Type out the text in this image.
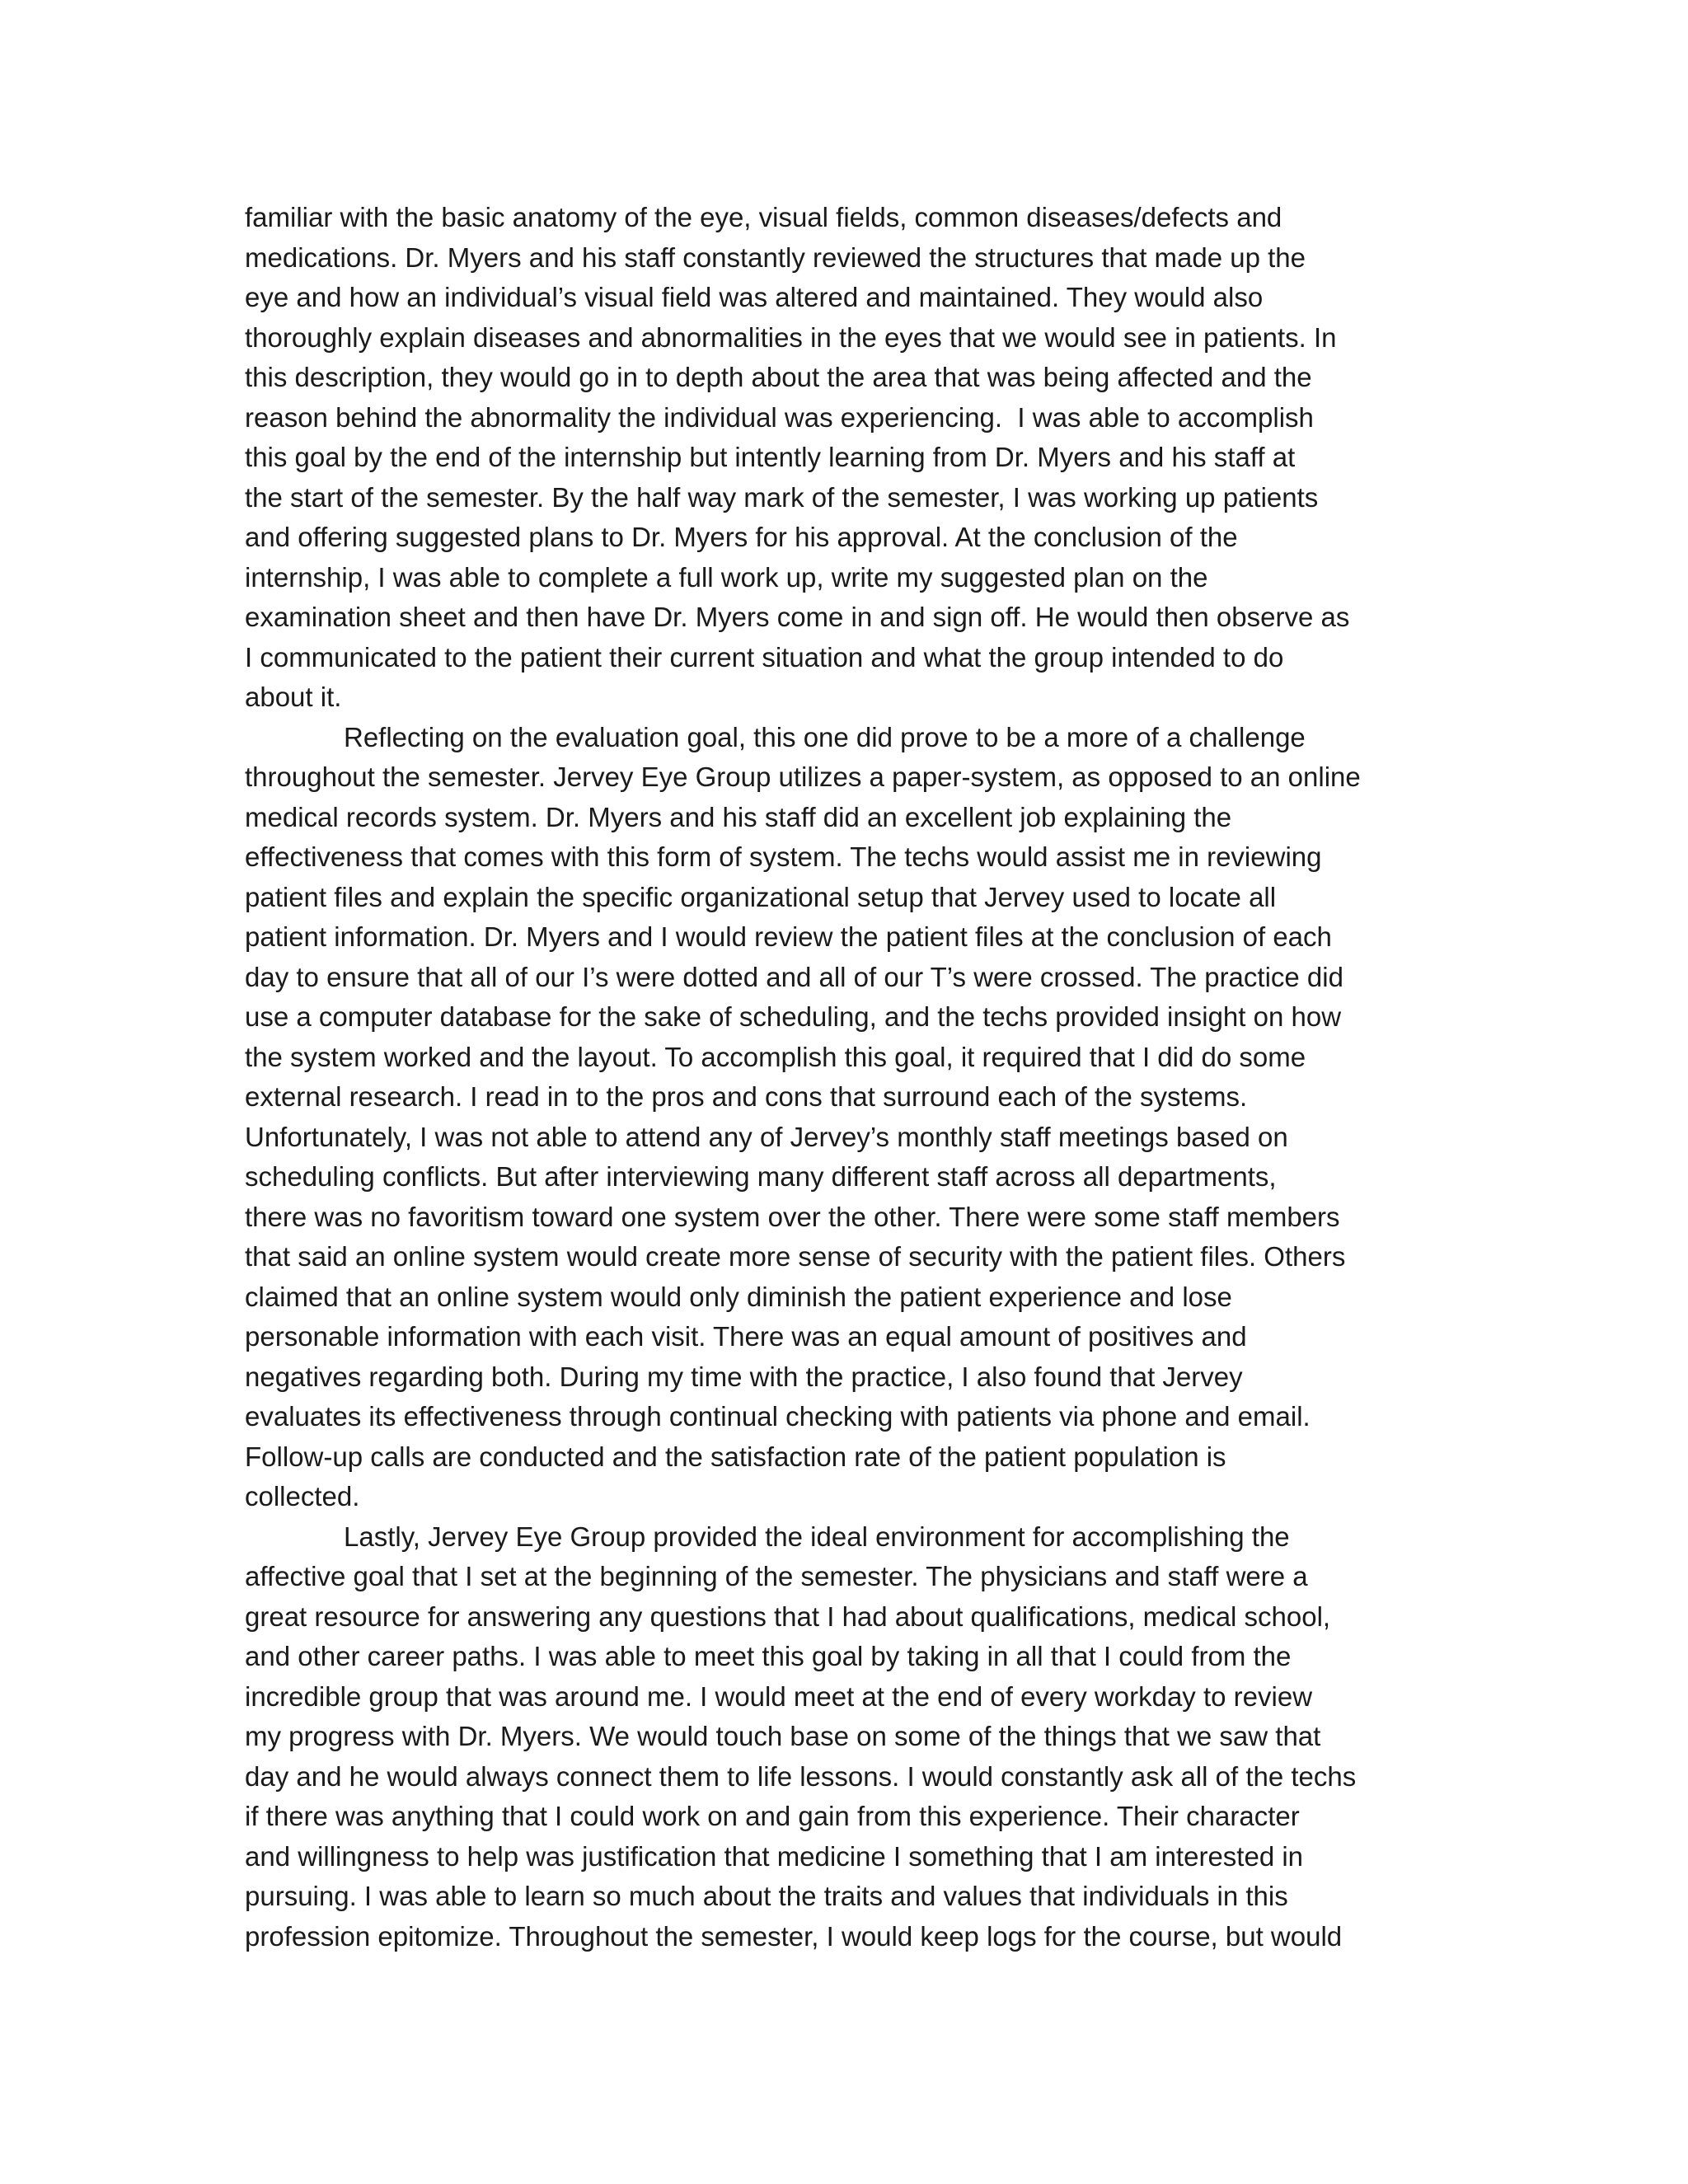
familiar with the basic anatomy of the eye, visual fields, common diseases/defects and
medications. Dr. Myers and his staff constantly reviewed the structures that made up the
eye and how an individual’s visual field was altered and maintained. They would also
thoroughly explain diseases and abnormalities in the eyes that we would see in patients. In
this description, they would go in to depth about the area that was being affected and the
reason behind the abnormality the individual was experiencing.  I was able to accomplish
this goal by the end of the internship but intently learning from Dr. Myers and his staff at
the start of the semester. By the half way mark of the semester, I was working up patients
and offering suggested plans to Dr. Myers for his approval. At the conclusion of the
internship, I was able to complete a full work up, write my suggested plan on the
examination sheet and then have Dr. Myers come in and sign off. He would then observe as
I communicated to the patient their current situation and what the group intended to do
about it.
Reflecting on the evaluation goal, this one did prove to be a more of a challenge
throughout the semester. Jervey Eye Group utilizes a paper-system, as opposed to an online
medical records system. Dr. Myers and his staff did an excellent job explaining the
effectiveness that comes with this form of system. The techs would assist me in reviewing
patient files and explain the specific organizational setup that Jervey used to locate all
patient information. Dr. Myers and I would review the patient files at the conclusion of each
day to ensure that all of our I’s were dotted and all of our T’s were crossed. The practice did
use a computer database for the sake of scheduling, and the techs provided insight on how
the system worked and the layout. To accomplish this goal, it required that I did do some
external research. I read in to the pros and cons that surround each of the systems.
Unfortunately, I was not able to attend any of Jervey’s monthly staff meetings based on
scheduling conflicts. But after interviewing many different staff across all departments,
there was no favoritism toward one system over the other. There were some staff members
that said an online system would create more sense of security with the patient files. Others
claimed that an online system would only diminish the patient experience and lose
personable information with each visit. There was an equal amount of positives and
negatives regarding both. During my time with the practice, I also found that Jervey
evaluates its effectiveness through continual checking with patients via phone and email.
Follow-up calls are conducted and the satisfaction rate of the patient population is
collected.
Lastly, Jervey Eye Group provided the ideal environment for accomplishing the
affective goal that I set at the beginning of the semester. The physicians and staff were a
great resource for answering any questions that I had about qualifications, medical school,
and other career paths. I was able to meet this goal by taking in all that I could from the
incredible group that was around me. I would meet at the end of every workday to review
my progress with Dr. Myers. We would touch base on some of the things that we saw that
day and he would always connect them to life lessons. I would constantly ask all of the techs
if there was anything that I could work on and gain from this experience. Their character
and willingness to help was justification that medicine I something that I am interested in
pursuing. I was able to learn so much about the traits and values that individuals in this
profession epitomize. Throughout the semester, I would keep logs for the course, but would
